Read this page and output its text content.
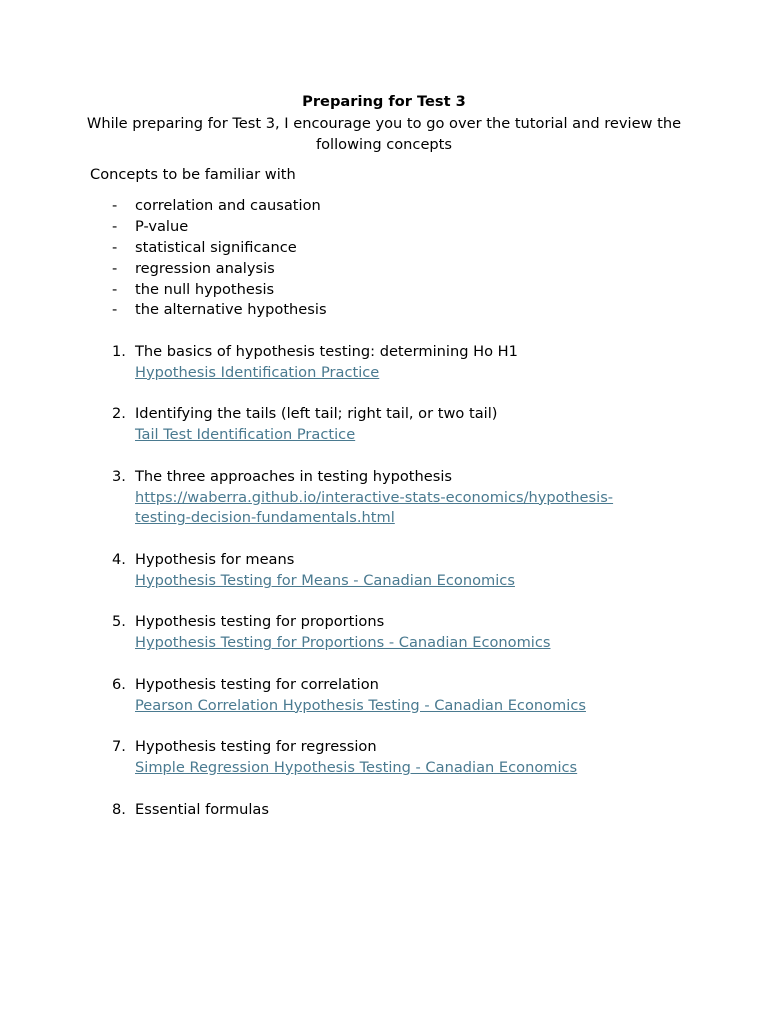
Preparing for Test 3
While preparing for Test 3, I encourage you to go over the tutorial and review the following concepts
Concepts to be familiar with
- correlation and causation
- P-value
- statistical significance
- regression analysis
- the null hypothesis
- the alternative hypothesis
1. The basics of hypothesis testing: determining Ho H1
Hypothesis Identification Practice
2. Identifying the tails (left tail; right tail, or two tail)
Tail Test Identification Practice
3. The three approaches in testing hypothesis
https://waberra.github.io/interactive-stats-economics/hypothesis-testing-decision-fundamentals.html
4. Hypothesis for means
Hypothesis Testing for Means - Canadian Economics
5. Hypothesis testing for proportions
Hypothesis Testing for Proportions - Canadian Economics
6. Hypothesis testing for correlation
Pearson Correlation Hypothesis Testing - Canadian Economics
7. Hypothesis testing for regression
Simple Regression Hypothesis Testing - Canadian Economics
8. Essential formulas
